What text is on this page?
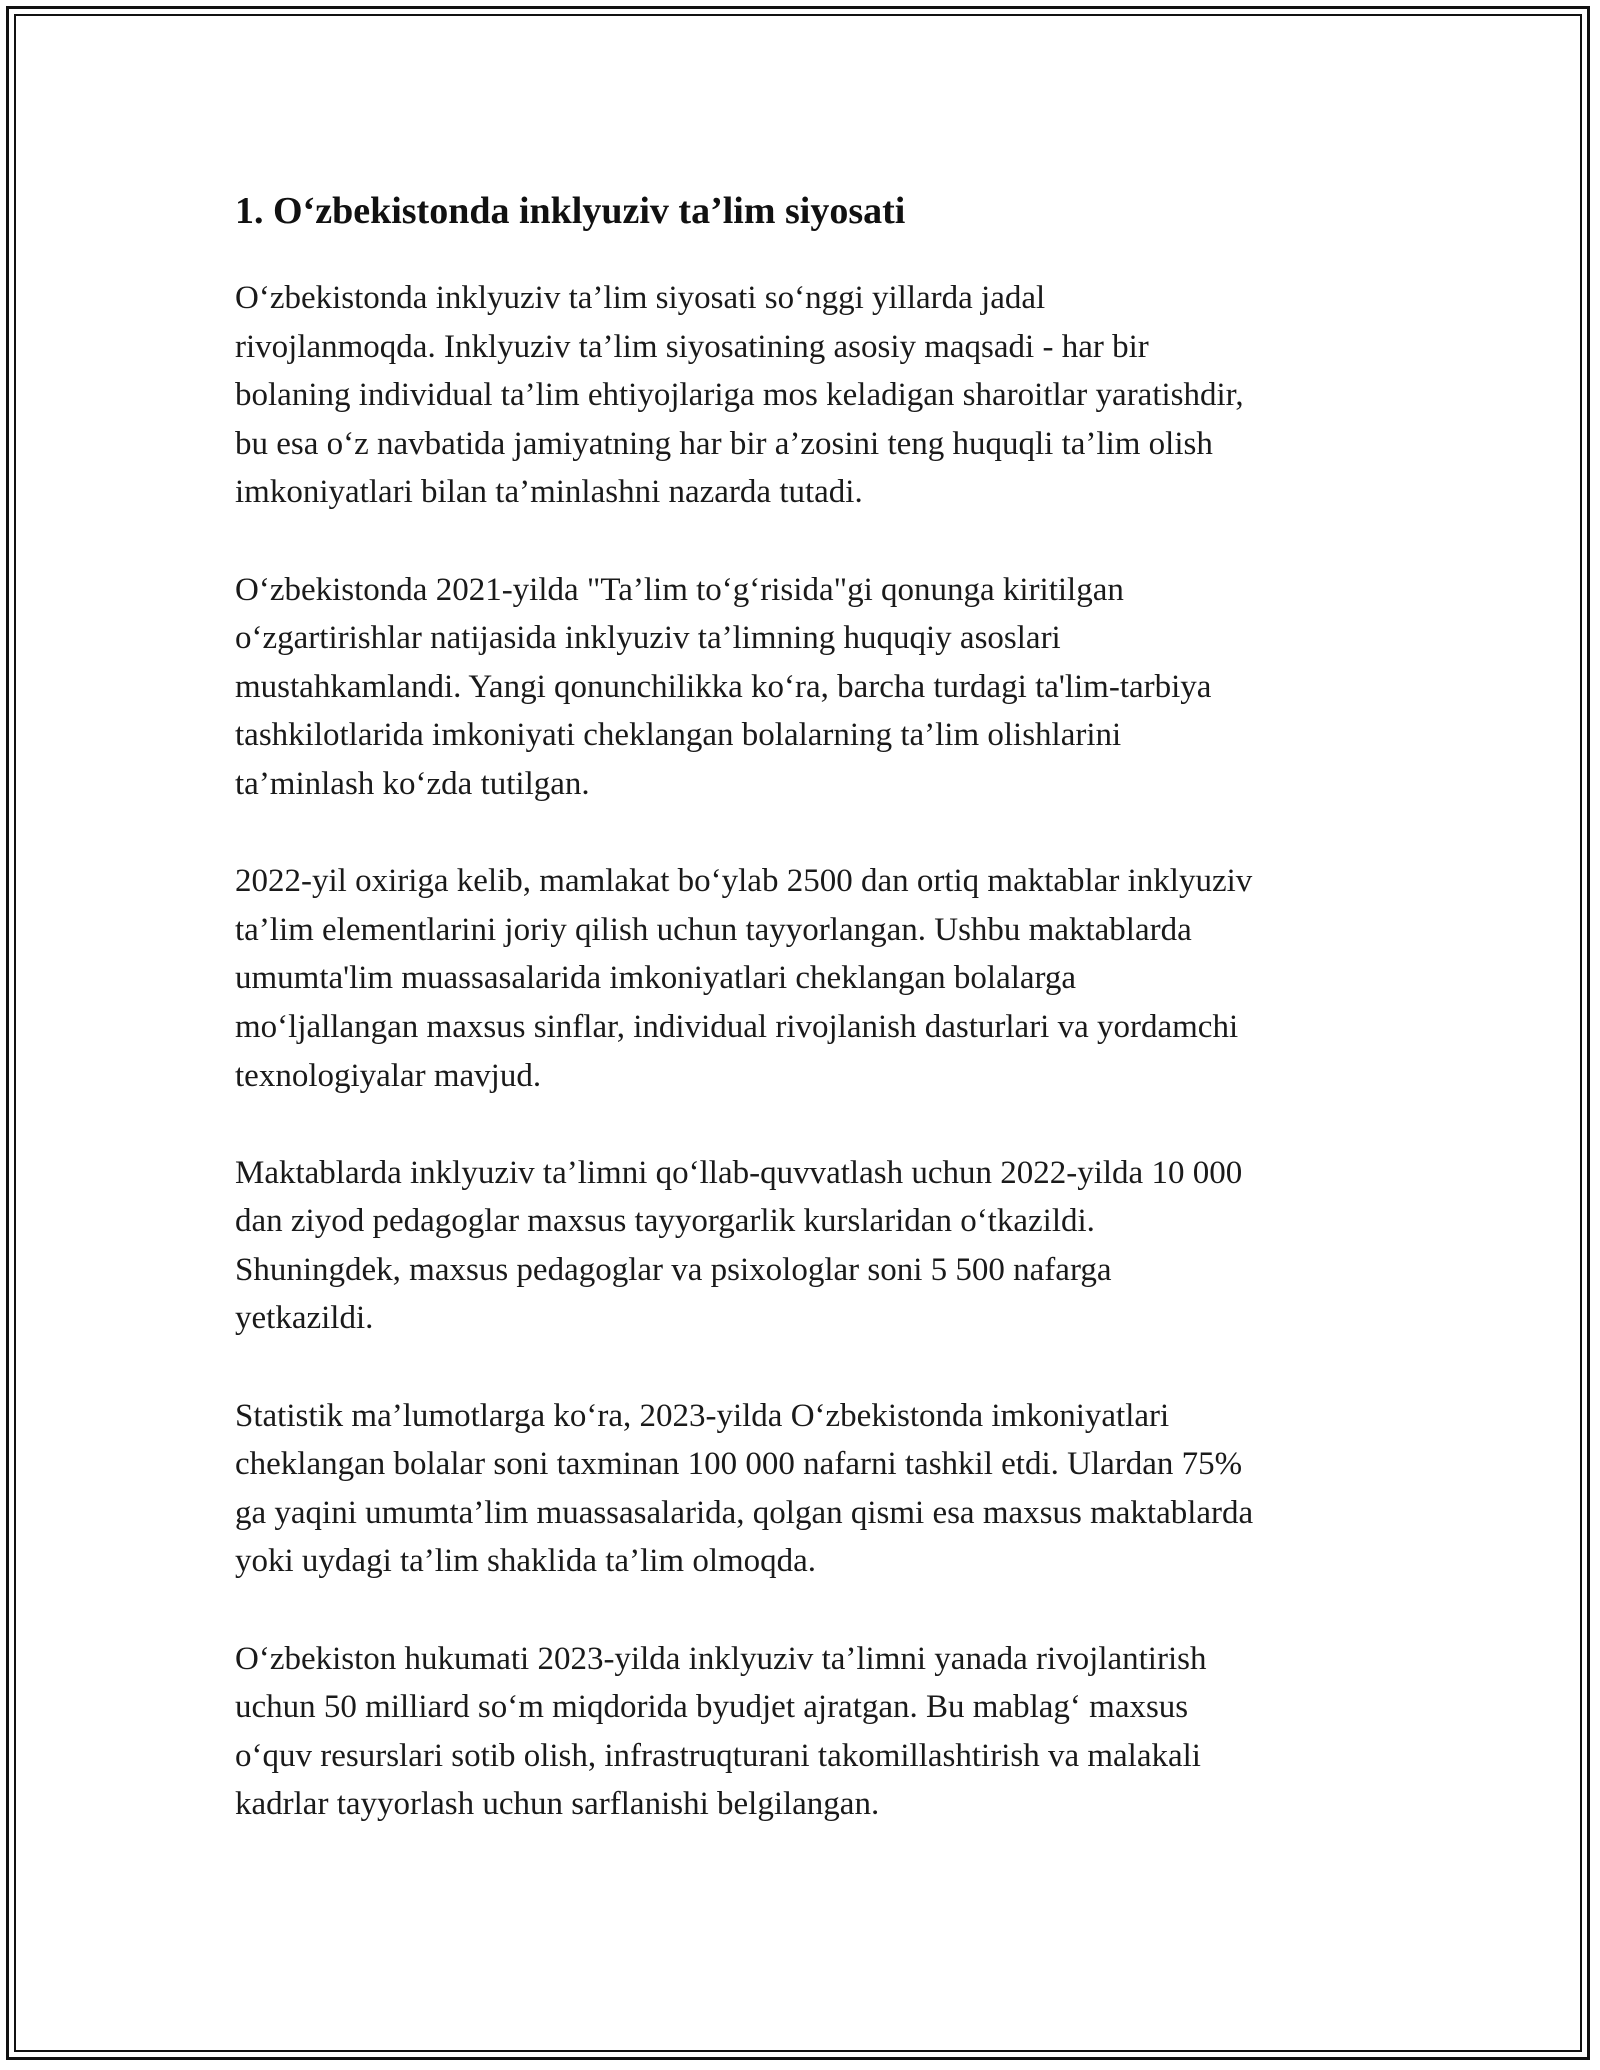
1. O‘zbekistonda inklyuziv ta’lim siyosati

O‘zbekistonda inklyuziv ta’lim siyosati so‘nggi yillarda jadal
rivojlanmoqda. Inklyuziv ta’lim siyosatining asosiy maqsadi - har bir
bolaning individual ta’lim ehtiyojlariga mos keladigan sharoitlar yaratishdir,
bu esa o‘z navbatida jamiyatning har bir a’zosini teng huquqli ta’lim olish
imkoniyatlari bilan ta’minlashni nazarda tutadi.

O‘zbekistonda 2021-yilda "Ta’lim to‘g‘risida"gi qonunga kiritilgan
o‘zgartirishlar natijasida inklyuziv ta’limning huquqiy asoslari
mustahkamlandi. Yangi qonunchilikka ko‘ra, barcha turdagi ta'lim-tarbiya
tashkilotlarida imkoniyati cheklangan bolalarning ta’lim olishlarini
ta’minlash ko‘zda tutilgan.

2022-yil oxiriga kelib, mamlakat bo‘ylab 2500 dan ortiq maktablar inklyuziv
ta’lim elementlarini joriy qilish uchun tayyorlangan. Ushbu maktablarda
umumta'lim muassasalarida imkoniyatlari cheklangan bolalarga
mo‘ljallangan maxsus sinflar, individual rivojlanish dasturlari va yordamchi
texnologiyalar mavjud.

Maktablarda inklyuziv ta’limni qo‘llab-quvvatlash uchun 2022-yilda 10 000
dan ziyod pedagoglar maxsus tayyorgarlik kurslaridan o‘tkazildi.
Shuningdek, maxsus pedagoglar va psixologlar soni 5 500 nafarga
yetkazildi.

Statistik ma’lumotlarga ko‘ra, 2023-yilda O‘zbekistonda imkoniyatlari
cheklangan bolalar soni taxminan 100 000 nafarni tashkil etdi. Ulardan 75%
ga yaqini umumta’lim muassasalarida, qolgan qismi esa maxsus maktablarda
yoki uydagi ta’lim shaklida ta’lim olmoqda.

O‘zbekiston hukumati 2023-yilda inklyuziv ta’limni yanada rivojlantirish
uchun 50 milliard so‘m miqdorida byudjet ajratgan. Bu mablag‘ maxsus
o‘quv resurslari sotib olish, infrastruqturani takomillashtirish va malakali
kadrlar tayyorlash uchun sarflanishi belgilangan.
